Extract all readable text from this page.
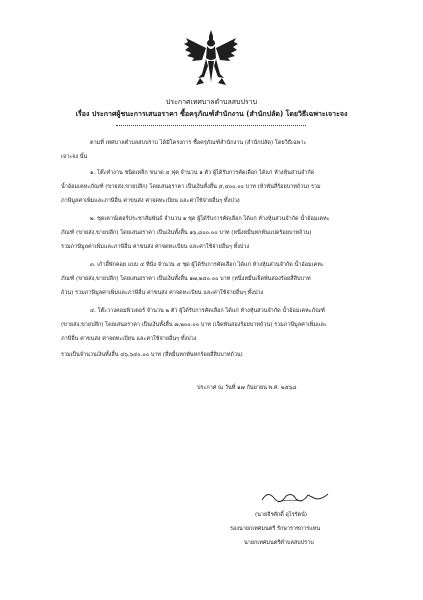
ประกาศเทศบาลตำบลสบปราบ
เรื่อง ประกาศผู้ชนะการเสนอราคา ซื้อครุภัณฑ์สำนักงาน (สำนักปลัด) โดยวิธีเฉพาะเจาะจง
ตามที่ เทศบาลตำบลสบปราบ ได้มีโครงการ ซื้อครุภัณฑ์สำนักงาน (สำนักปลัด) โดยวิธีเฉพาะ
เจาะจง นั้น
๑. โต๊ะทำงาน ชนิดเหล็ก ขนาด ๔ ฟุต จำนวน ๑ ตัว ผู้ได้รับการคัดเลือก ได้แก่ ห้างหุ้นส่วนจำกัด
น้ำอ้อมเคหะภัณฑ์ (ขายส่ง,ขายปลีก) โดยเสนอราคา เป็นเงินทั้งสิ้น ๕,๔๐๐.๐๐ บาท (ห้าพันสี่ร้อยบาทถ้วน) รวม
ภาษีมูลค่าเพิ่มและภาษีอื่น ค่าขนส่ง ค่าจดทะเบียน และค่าใช้จ่ายอื่นๆ ทั้งปวง
๒. ชุดเคาน์เตอร์ประชาสัมพันธ์ จำนวน ๑ ชุด ผู้ได้รับการคัดเลือก ได้แก่ ห้างหุ้นส่วนจำกัด น้ำอ้อมเคหะ
ภัณฑ์ (ขายส่ง,ขายปลีก) โดยเสนอราคา เป็นเงินทั้งสิ้น ๑๖,๘๐๐.๐๐ บาท (หนึ่งหมื่นหกพันแปดร้อยบาทถ้วน)
รวมภาษีมูลค่าเพิ่มและภาษีอื่น ค่าขนส่ง ค่าจดทะเบียน และค่าใช้จ่ายอื่นๆ ทั้งปวง
๓. เก้าอี้พักคอย แบบ ๔ ที่นั่ง จำนวน ๔ ชุด ผู้ได้รับการคัดเลือก ได้แก่ ห้างหุ้นส่วนจำกัด น้ำอ้อมเคหะ
ภัณฑ์ (ขายส่ง,ขายปลีก) โดยเสนอราคา เป็นเงินทั้งสิ้น ๑๗,๒๔๐.๐๐ บาท (หนึ่งหมื่นเจ็ดพันสองร้อยสี่สิบบาท
ถ้วน) รวมภาษีมูลค่าเพิ่มและภาษีอื่น ค่าขนส่ง ค่าจดทะเบียน และค่าใช้จ่ายอื่นๆ ทั้งปวง
๔. โต๊ะวางคอมพิวเตอร์ จำนวน ๒ ตัว ผู้ได้รับการคัดเลือก ได้แก่ ห้างหุ้นส่วนจำกัด น้ำอ้อมเคหะภัณฑ์
(ขายส่ง,ขายปลีก) โดยเสนอราคา เป็นเงินทั้งสิ้น ๗,๒๐๐.๐๐ บาท (เจ็ดพันสองร้อยบาทถ้วน) รวมภาษีมูลค่าเพิ่มและ
ภาษีอื่น ค่าขนส่ง ค่าจดทะเบียน และค่าใช้จ่ายอื่นๆ ทั้งปวง
รวมเป็นจำนวนเงินทั้งสิ้น ๔๖,๖๔๐.๐๐ บาท (สี่หมื่นหกพันหกร้อยสี่สิบบาทถ้วน)
ประกาศ ณ วันที่ ๑๗ กันยายน พ.ศ. ๒๕๖๘
(นายจีรศักดิ์ อุไรรัตน์)
รองนายกเทศมนตรี รักษาราชการแทน
นายกเทศมนตรีตำบลสบปราบ
